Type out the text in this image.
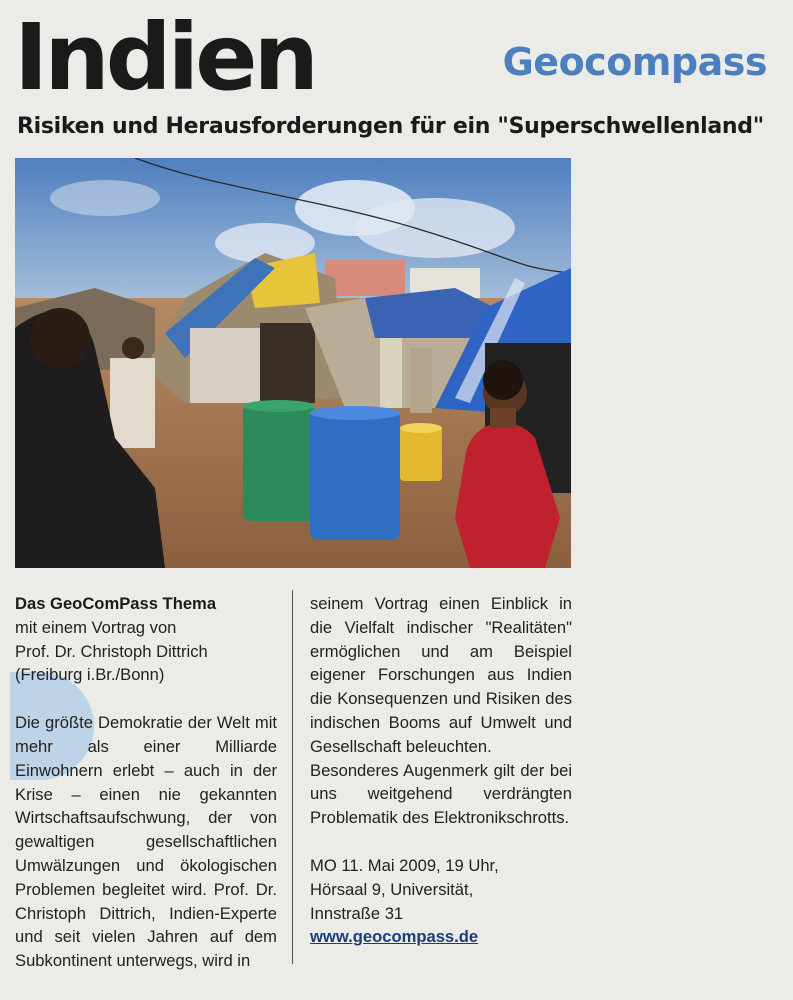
Indien	Geocompass
Risiken und Herausforderungen für ein "Superschwellenland"

Das GeoComPass Thema

mit einem Vortrag von

Prof. Dr. Christoph Dittrich

(Freiburg i.Br./Bonn)

Die größte Demokratie der Welt mit mehr als einer Milliarde Einwohnern erlebt – auch in der Krise – einen nie gekannten Wirtschaftsaufschwung, der von gewaltigen gesellschaftlichen Umwälzungen und ökologischen Problemen begleitet wird. Prof. Dr. Christoph Dittrich, Indien-Experte und seit vielen Jahren auf dem Subkontinent unterwegs, wird in

seinem Vortrag einen Einblick in die Vielfalt indischer "Realitäten" ermöglichen und am Beispiel eigener Forschungen aus Indien die Konsequenzen und Risiken des indischen Booms auf Umwelt und Gesellschaft beleuchten.

Besonderes Augenmerk gilt der bei uns weitgehend verdrängten Problematik des Elektronikschrotts.

MO 11. Mai 2009, 19 Uhr,

Hörsaal 9, Universität,

Innstraße 31

www.geocompass.de
